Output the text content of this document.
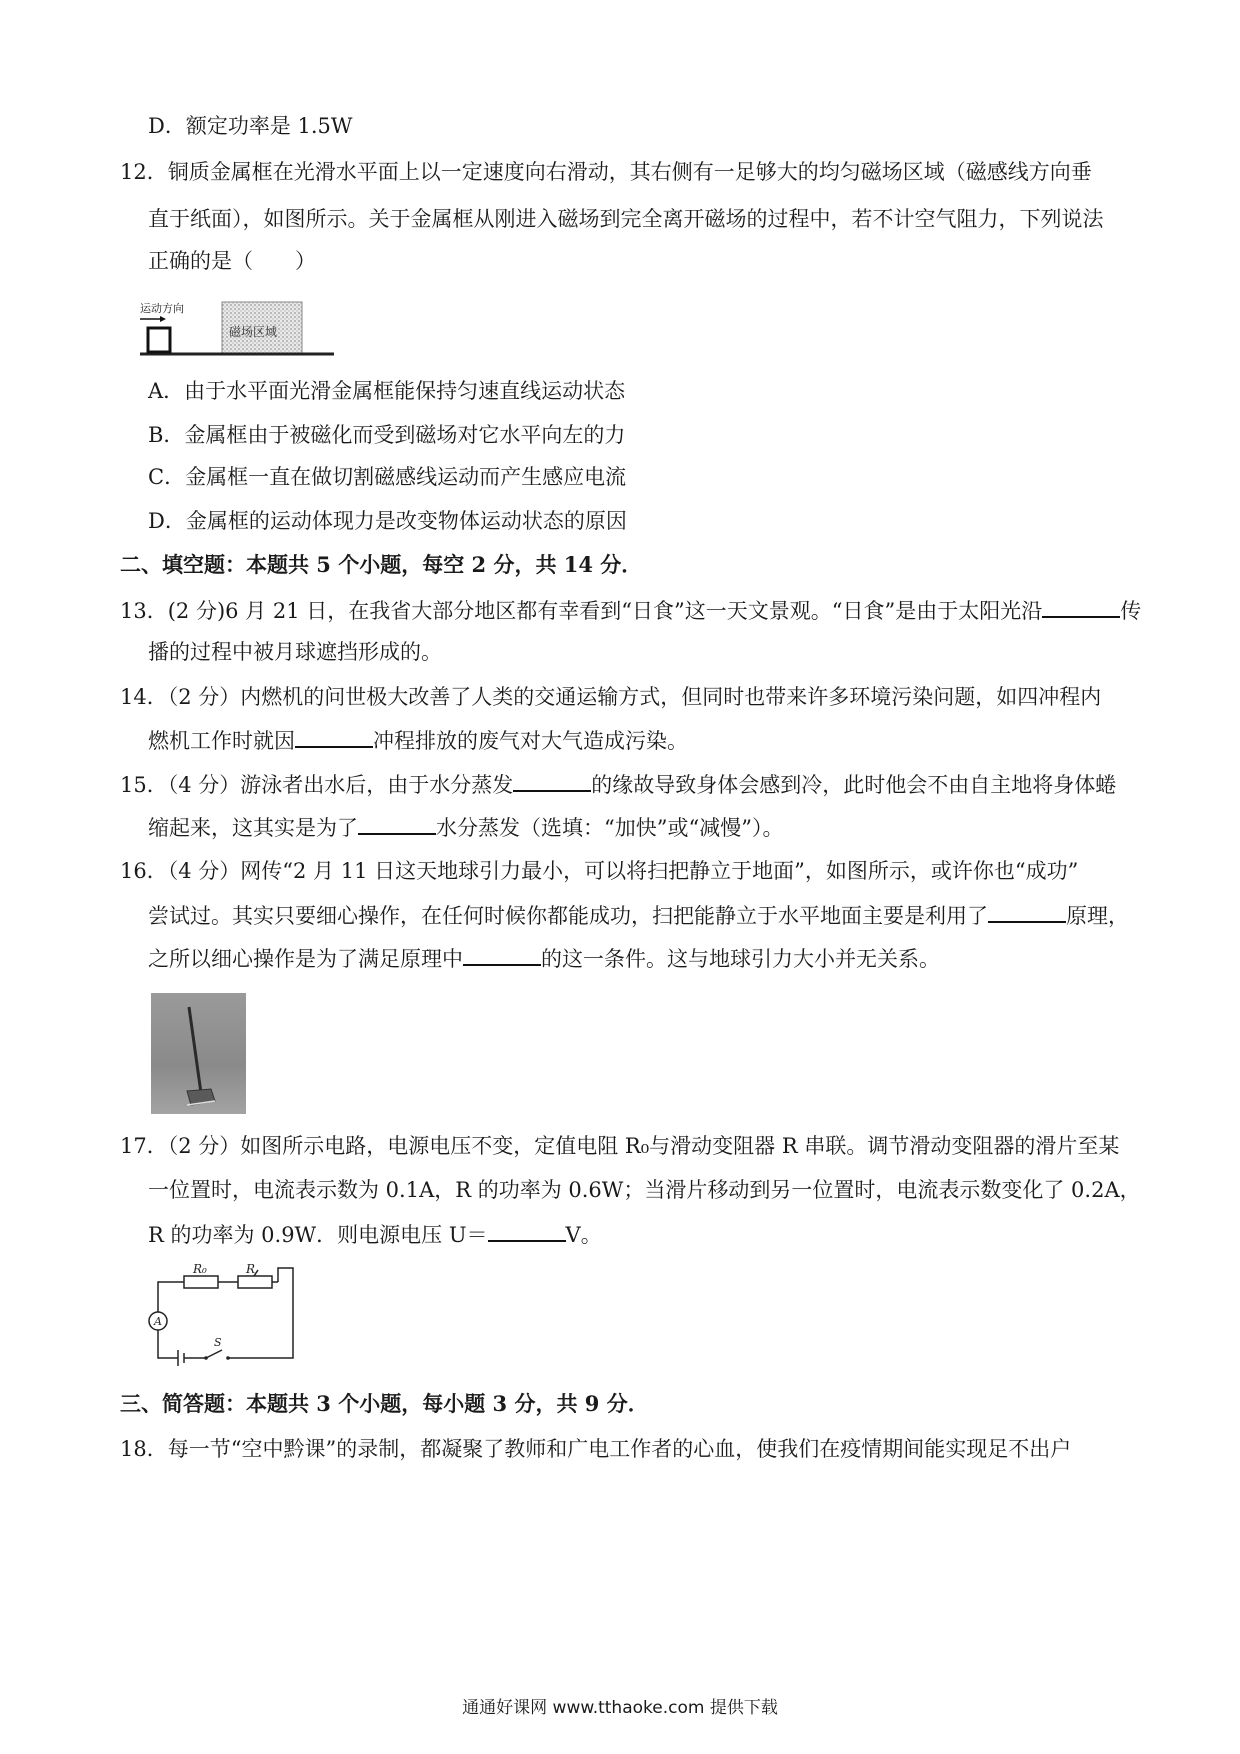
D．额定功率是 1.5W
12．铜质金属框在光滑水平面上以一定速度向右滑动，其右侧有一足够大的均匀磁场区域（磁感线方向垂
直于纸面），如图所示。关于金属框从刚进入磁场到完全离开磁场的过程中，若不计空气阻力，下列说法
正确的是（　　）
运动方向
磁场区域
A．由于水平面光滑金属框能保持匀速直线运动状态
B．金属框由于被磁化而受到磁场对它水平向左的力
C．金属框一直在做切割磁感线运动而产生感应电流
D．金属框的运动体现力是改变物体运动状态的原因
二、填空题：本题共 5 个小题，每空 2 分，共 14 分．
13．(2 分)6 月 21 日，在我省大部分地区都有幸看到“日食”这一天文景观。“日食”是由于太阳光沿	传
播的过程中被月球遮挡形成的。
14．（2 分）内燃机的问世极大改善了人类的交通运输方式，但同时也带来许多环境污染问题，如四冲程内
燃机工作时就因	冲程排放的废气对大气造成污染。
15．（4 分）游泳者出水后，由于水分蒸发	的缘故导致身体会感到冷，此时他会不由自主地将身体蜷
缩起来，这其实是为了	水分蒸发（选填：“加快”或“减慢”）。
16．（4 分）网传“2 月 11 日这天地球引力最小，可以将扫把静立于地面”，如图所示，或许你也“成功”
尝试过。其实只要细心操作，在任何时候你都能成功，扫把能静立于水平地面主要是利用了	原理，
之所以细心操作是为了满足原理中	的这一条件。这与地球引力大小并无关系。
17．（2 分）如图所示电路，电源电压不变，定值电阻 R₀与滑动变阻器 R 串联。调节滑动变阻器的滑片至某
一位置时，电流表示数为 0.1A，R 的功率为 0.6W；当滑片移动到另一位置时，电流表示数变化了 0.2A，
R 的功率为 0.9W．则电源电压 U＝	V。
A
R₀	R
S
三、简答题：本题共 3 个小题，每小题 3 分，共 9 分．
18．每一节“空中黔课”的录制，都凝聚了教师和广电工作者的心血，使我们在疫情期间能实现足不出户
通通好课网 www.tthaoke.com 提供下载
